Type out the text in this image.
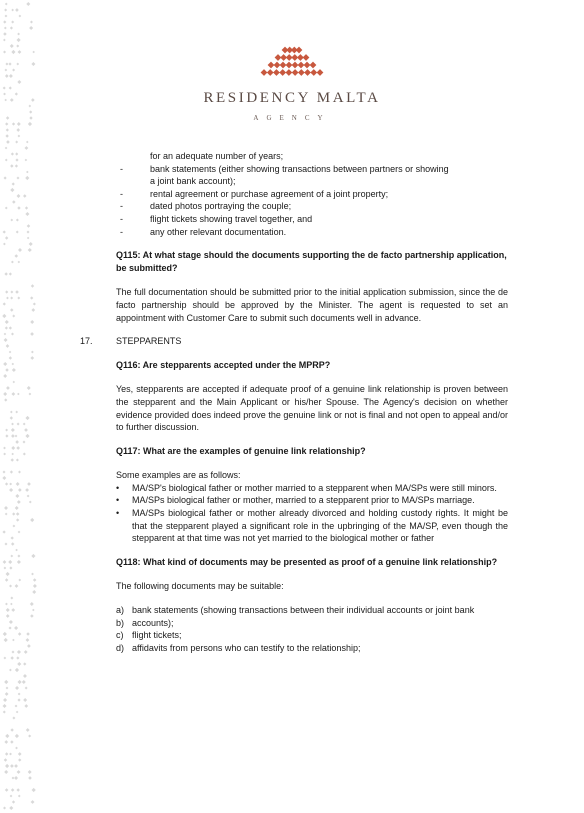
RESIDENCY MALTA
AGENCY
for an adequate number of years;
-	bank statements (either showing transactions between partners or showing
a joint bank account);
-	rental agreement or purchase agreement of a joint property;
-	dated photos portraying the couple;
-	flight tickets showing travel together, and
-	any other relevant documentation.
Q115: At what stage should the documents supporting the de facto partnership application, be submitted?
The full documentation should be submitted prior to the initial application submission, since the de facto partnership should be approved by the Minister. The agent is requested to set an appointment with Customer Care to submit such documents well in advance.
17.	STEPPARENTS
Q116: Are stepparents accepted under the MPRP?
Yes, stepparents are accepted if adequate proof of a genuine link relationship is proven between the stepparent and the Main Applicant or his/her Spouse. The Agency's decision on whether evidence provided does indeed prove the genuine link or not is final and not open to appeal and/or to further discussion.
Q117: What are the examples of genuine link relationship?
Some examples are as follows:
• MA/SP's biological father or mother married to a stepparent when MA/SPs were still minors.
• MA/SPs biological father or mother, married to a stepparent prior to MA/SPs marriage.
• MA/SPs biological father or mother already divorced and holding custody rights. It might be that the stepparent played a significant role in the upbringing of the MA/SP, even though the stepparent at that time was not yet married to the biological mother or father
Q118: What kind of documents may be presented as proof of a genuine link relationship?
The following documents may be suitable:
a) bank statements (showing transactions between their individual accounts or joint bank
b) accounts);
c) flight tickets;
d) affidavits from persons who can testify to the relationship;
